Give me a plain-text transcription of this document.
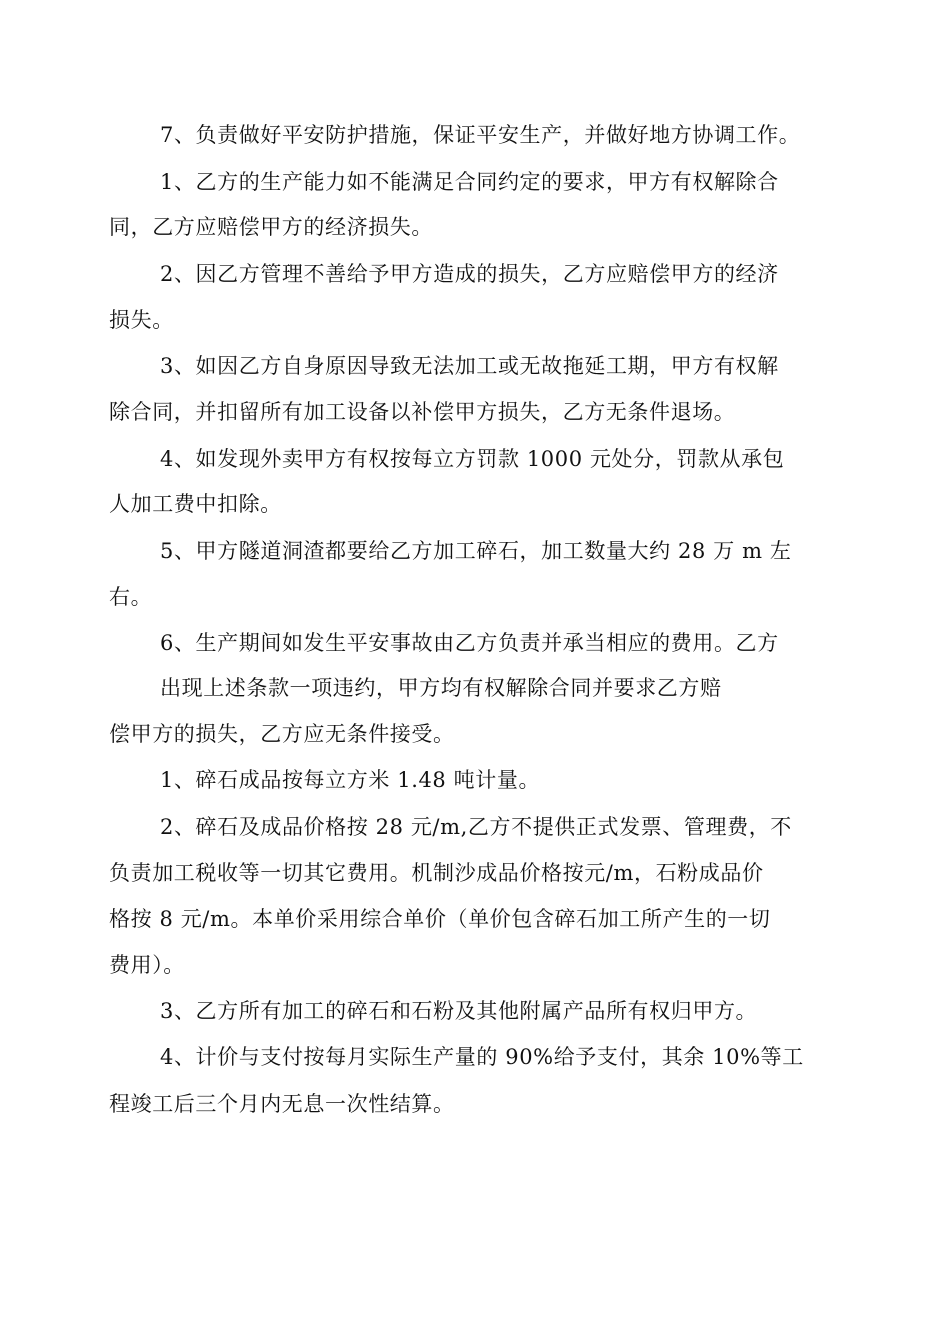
7、负责做好平安防护措施，保证平安生产，并做好地方协调工作。
1、乙方的生产能力如不能满足合同约定的要求，甲方有权解除合
同，乙方应赔偿甲方的经济损失。
2、因乙方管理不善给予甲方造成的损失，乙方应赔偿甲方的经济
损失。
3、如因乙方自身原因导致无法加工或无故拖延工期，甲方有权解
除合同，并扣留所有加工设备以补偿甲方损失，乙方无条件退场。
4、如发现外卖甲方有权按每立方罚款 1000 元处分，罚款从承包
人加工费中扣除。
5、甲方隧道洞渣都要给乙方加工碎石，加工数量大约 28 万 m 左
右。
6、生产期间如发生平安事故由乙方负责并承当相应的费用。乙方
出现上述条款一项违约，甲方均有权解除合同并要求乙方赔
偿甲方的损失，乙方应无条件接受。
1、碎石成品按每立方米 1.48 吨计量。
2、碎石及成品价格按 28 元/m,乙方不提供正式发票、管理费，不
负责加工税收等一切其它费用。机制沙成品价格按元/m，石粉成品价
格按 8 元/m。本单价采用综合单价（单价包含碎石加工所产生的一切
费用）。
3、乙方所有加工的碎石和石粉及其他附属产品所有权归甲方。
4、计价与支付按每月实际生产量的 90%给予支付，其余 10%等工
程竣工后三个月内无息一次性结算。
